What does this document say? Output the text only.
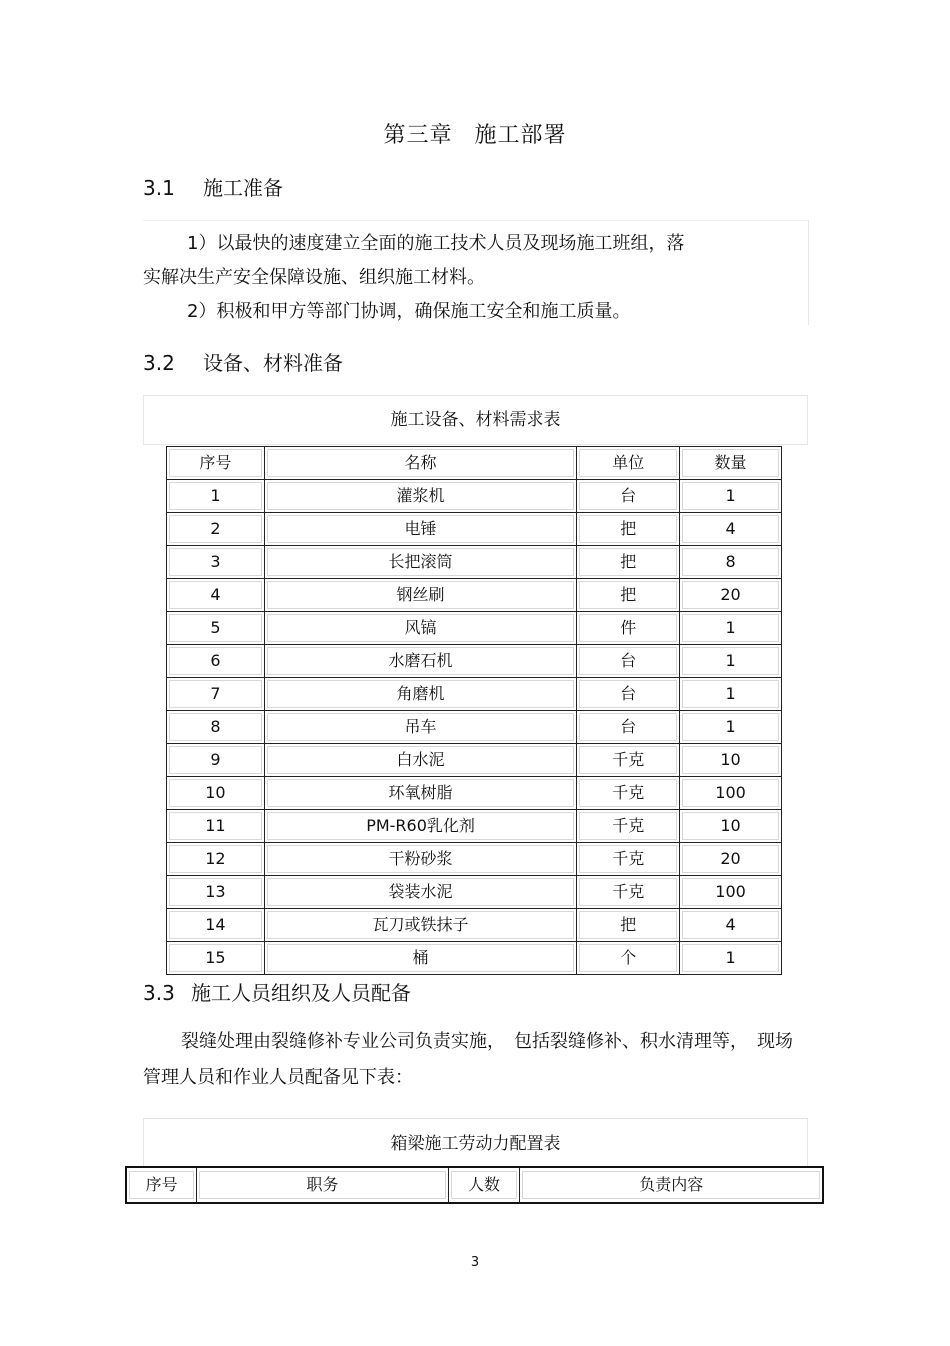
第三章 施工部署
3.1 施工准备
1）以最快的速度建立全面的施工技术人员及现场施工班组，落
实解决生产安全保障设施、组织施工材料。
2）积极和甲方等部门协调，确保施工安全和施工质量。
3.2 设备、材料准备
施工设备、材料需求表
序号	名称	单位	数量

1	灌浆机	台	1

2	电锤	把	4

3	长把滚筒	把	8

4	钢丝刷	把	20

5	风镐	件	1

6	水磨石机	台	1

7	角磨机	台	1

8	吊车	台	1

9	白水泥	千克	10

10	环氧树脂	千克	100

11	PM-R60乳化剂	千克	10

12	干粉砂浆	千克	20

13	袋装水泥	千克	100

14	瓦刀或铁抹子	把	4

15	桶	个	1
3.3 施工人员组织及人员配备
裂缝处理由裂缝修补专业公司负责实施，　包括裂缝修补、积水清理等，　现场
管理人员和作业人员配备见下表：
箱梁施工劳动力配置表
序号	职务	人数	负责内容
3
